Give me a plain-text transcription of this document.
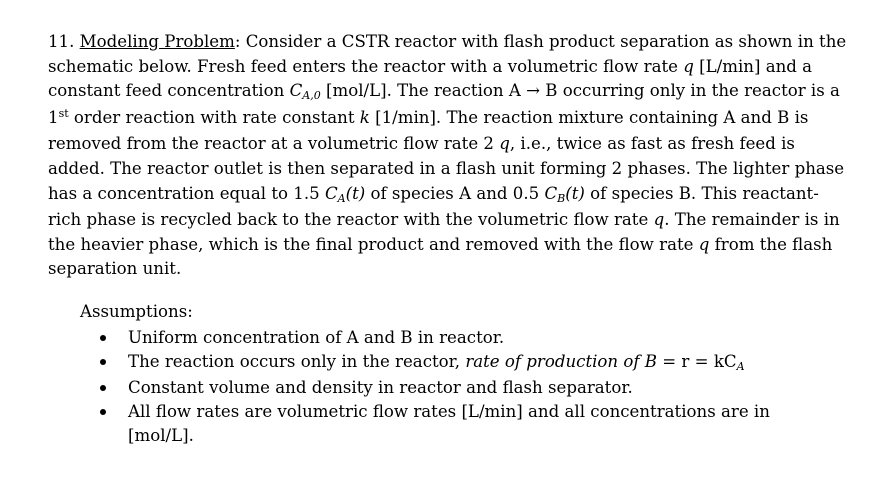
11. Modeling Problem: Consider a CSTR reactor with flash product separation as shown in the schematic below. Fresh feed enters the reactor with a volumetric flow rate q [L/min] and a constant feed concentration CA,0 [mol/L]. The reaction A → B occurring only in the reactor is a 1st order reaction with rate constant k [1/min]. The reaction mixture containing A and B is removed from the reactor at a volumetric flow rate 2 q, i.e., twice as fast as fresh feed is added. The reactor outlet is then separated in a flash unit forming 2 phases. The lighter phase has a concentration equal to 1.5 CA(t) of species A and 0.5 CB(t) of species B. This reactant-rich phase is recycled back to the reactor with the volumetric flow rate q. The remainder is in the heavier phase, which is the final product and removed with the flow rate q from the flash separation unit.

Assumptions:

Uniform concentration of A and B in reactor.
The reaction occurs only in the reactor, rate of production of B = r = kCA
Constant volume and density in reactor and flash separator.
All flow rates are volumetric flow rates [L/min] and all concentrations are in [mol/L].
